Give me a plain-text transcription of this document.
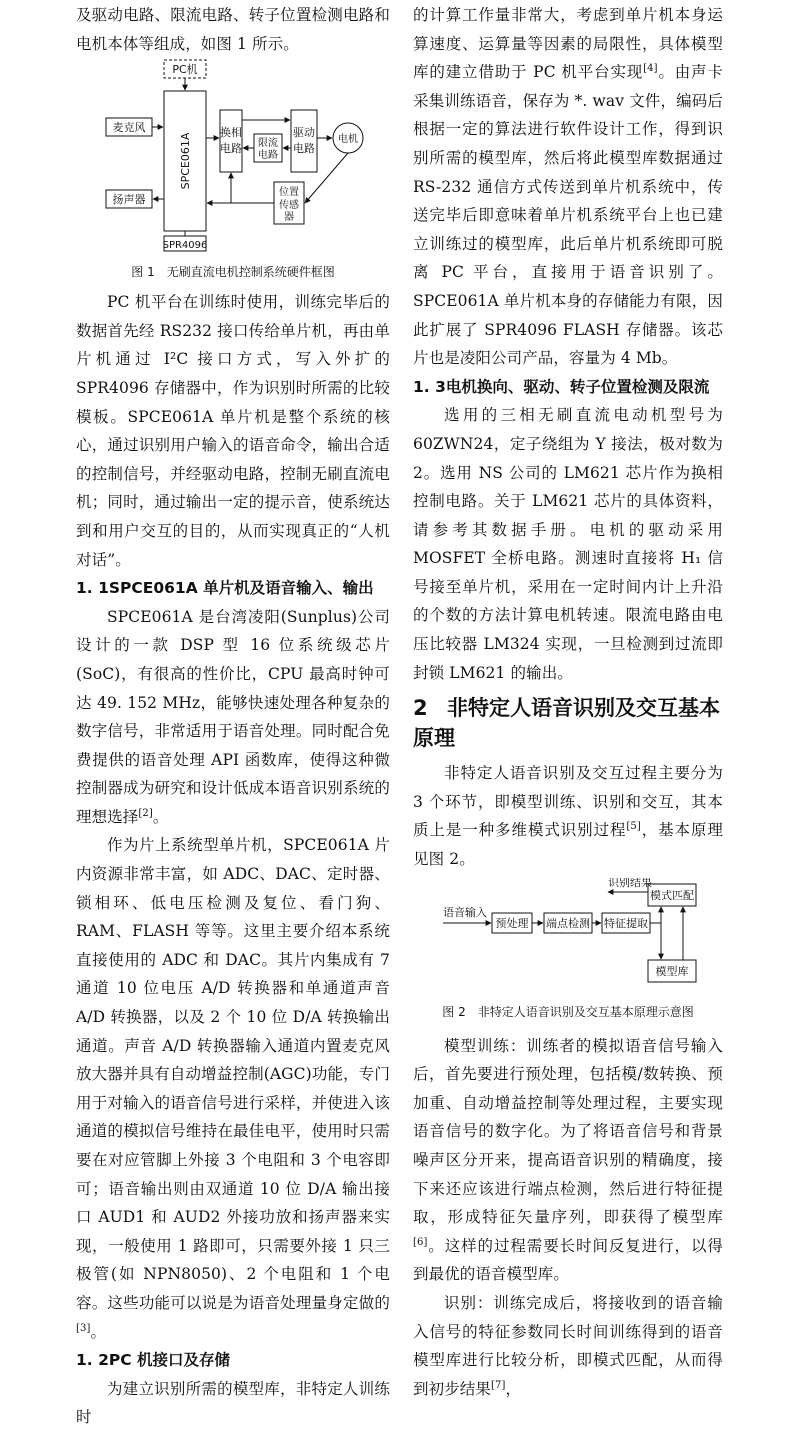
及驱动电路、限流电路、转子位置检测电路和电机本体等组成，如图 1 所示。

PC机
SPCE061A
麦克风
扬声器
SPR4096
换相
电路 限流
电路
驱动
电路
电机
位置
传感
器

图 1　无刷直流电机控制系统硬件框图

PC 机平台在训练时使用，训练完毕后的数据首先经 RS232 接口传给单片机，再由单片机通过 I²C 接口方式，写入外扩的 SPR4096 存储器中，作为识别时所需的比较模板。SPCE061A 单片机是整个系统的核心，通过识别用户输入的语音命令，输出合适的控制信号，并经驱动电路，控制无刷直流电机；同时，通过输出一定的提示音，使系统达到和用户交互的目的，从而实现真正的“人机对话”。

1. 1SPCE061A 单片机及语音输入、输出

SPCE061A 是台湾凌阳(Sunplus)公司设计的一款 DSP 型 16 位系统级芯片(SoC)，有很高的性价比，CPU 最高时钟可达 49. 152 MHz，能够快速处理各种复杂的数字信号，非常适用于语音处理。同时配合免费提供的语音处理 API 函数库，使得这种微控制器成为研究和设计低成本语音识别系统的理想选择[2]。

作为片上系统型单片机，SPCE061A 片内资源非常丰富，如 ADC、DAC、定时器、锁相环、低电压检测及复位、看门狗、RAM、FLASH 等等。这里主要介绍本系统直接使用的 ADC 和 DAC。其片内集成有 7 通道 10 位电压 A/D 转换器和单通道声音 A/D 转换器，以及 2 个 10 位 D/A 转换输出通道。声音 A/D 转换器输入通道内置麦克风放大器并具有自动增益控制(AGC)功能，专门用于对输入的语音信号进行采样，并使进入该通道的模拟信号维持在最佳电平，使用时只需要在对应管脚上外接 3 个电阻和 3 个电容即可；语音输出则由双通道 10 位 D/A 输出接口 AUD1 和 AUD2 外接功放和扬声器来实现，一般使用 1 路即可，只需要外接 1 只三极管(如 NPN8050)、2 个电阻和 1 个电容。这些功能可以说是为语音处理量身定做的[3]。

1. 2PC 机接口及存储

为建立识别所需的模型库，非特定人训练时

的计算工作量非常大，考虑到单片机本身运算速度、运算量等因素的局限性，具体模型库的建立借助于 PC 机平台实现[4]。由声卡采集训练语音，保存为 *. wav 文件，编码后根据一定的算法进行软件设计工作，得到识别所需的模型库，然后将此模型库数据通过 RS-232 通信方式传送到单片机系统中，传送完毕后即意味着单片机系统平台上也已建立训练过的模型库，此后单片机系统即可脱离 PC 平台，直接用于语音识别了。SPCE061A 单片机本身的存储能力有限，因此扩展了 SPR4096 FLASH 存储器。该芯片也是凌阳公司产品，容量为 4 Mb。

1. 3电机换向、驱动、转子位置检测及限流

选用的三相无刷直流电动机型号为 60ZWN24，定子绕组为 Y 接法，极对数为 2。选用 NS 公司的 LM621 芯片作为换相控制电路。关于 LM621 芯片的具体资料，请参考其数据手册。电机的驱动采用 MOSFET 全桥电路。测速时直接将 H₁ 信号接至单片机，采用在一定时间内计上升沿的个数的方法计算电机转速。限流电路由电压比较器 LM324 实现，一旦检测到过流即封锁 LM621 的输出。

2 非特定人语音识别及交互基本原理

非特定人语音识别及交互过程主要分为 3 个环节，即模型训练、识别和交互，其本质上是一种多维模式识别过程[5]，基本原理见图 2。

识别结果
模式匹配
语音输入
预处理 端点检测 特征提取
模型库

图 2　非特定人语音识别及交互基本原理示意图

模型训练：训练者的模拟语音信号输入后，首先要进行预处理，包括模/数转换、预加重、自动增益控制等处理过程，主要实现语音信号的数字化。为了将语音信号和背景噪声区分开来，提高语音识别的精确度，接下来还应该进行端点检测，然后进行特征提取，形成特征矢量序列，即获得了模型库[6]。这样的过程需要长时间反复进行，以得到最优的语音模型库。

识别：训练完成后，将接收到的语音输入信号的特征参数同长时间训练得到的语音模型库进行比较分析，即模式匹配，从而得到初步结果[7]，
